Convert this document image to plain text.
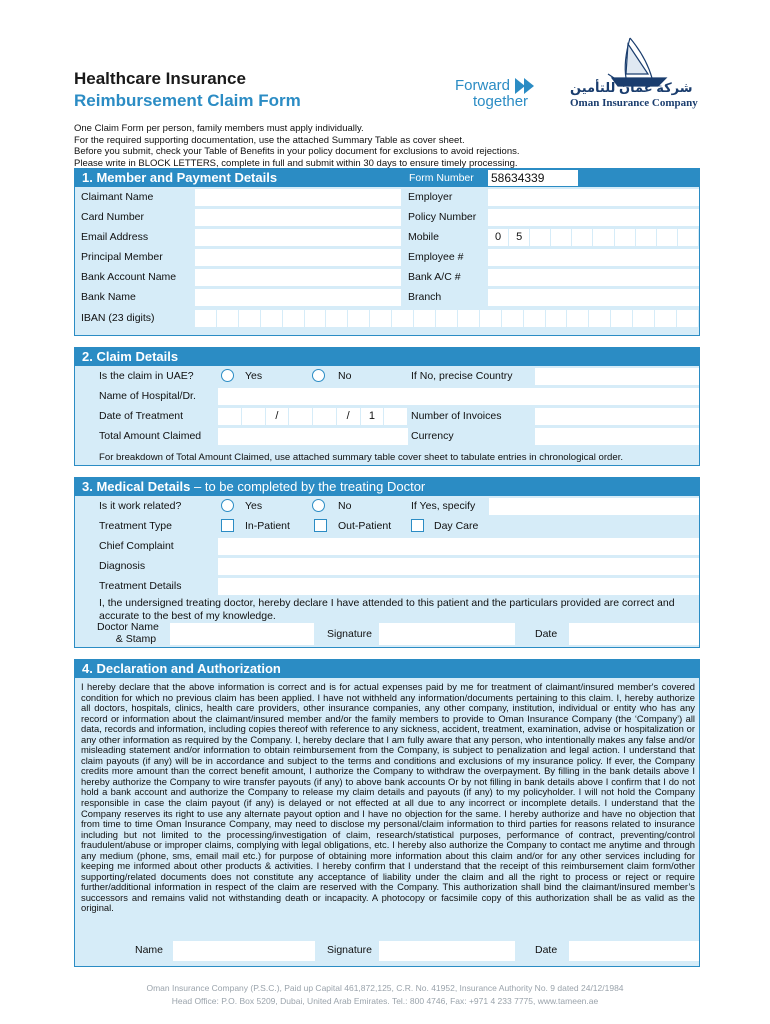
Healthcare Insurance
Reimbursement Claim Form
Forward
together
شركة عُمان للتأمين
Oman Insurance Company
One Claim Form per person, family members must apply individually.
For the required supporting documentation, use the attached Summary Table as cover sheet.
Before you submit, check your Table of Benefits in your policy document for exclusions to avoid rejections.
Please write in BLOCK LETTERS, complete in full and submit within 30 days to ensure timely processing.
1. Member and Payment Details	Form Number 58634339
Claimant Name	Employer
Card Number	Policy Number
Email Address	Mobile	0	5
Principal Member	Employee #
Bank Account Name	Bank A/C #
Bank Name	Branch
IBAN (23 digits)
2. Claim Details
Is the claim in UAE?	Yes	No	If No, precise Country
Name of Hospital/Dr.
Date of Treatment	/	/	1	Number of Invoices
Total Amount Claimed	Currency
For breakdown of Total Amount Claimed, use attached summary table cover sheet to tabulate entries in chronological order.
3. Medical Details – to be completed by the treating Doctor
Is it work related?	Yes	No	If Yes, specify
Treatment Type	In-Patient	Out-Patient	Day Care
Chief Complaint
Diagnosis
Treatment Details
I, the undersigned treating doctor, hereby declare I have attended to this patient and the particulars provided are correct and accurate to the best of my knowledge.
Doctor Name
& Stamp	Signature	Date
4. Declaration and Authorization
I hereby declare that the above information is correct and is for actual expenses paid by me for treatment of claimant/insured member's covered condition for which no previous claim has been applied. I have not withheld any information/documents pertaining to this claim. I, hereby authorize all doctors, hospitals, clinics, health care providers, other insurance companies, any other company, institution, individual or entity who has any record or information about the claimant/insured member and/or the family members to provide to Oman Insurance Company (the ‘Company’) all data, records and information, including copies thereof with reference to any sickness, accident, treatment, examination, advise or hospitalization or any other information as required by the Company. I, hereby declare that I am fully aware that any person, who intentionally makes any false and/or misleading statement and/or information to obtain reimbursement from the Company, is subject to penalization and legal action. I understand that claim payouts (if any) will be in accordance and subject to the terms and conditions and exclusions of my insurance policy. If ever, the Company credits more amount than the correct benefit amount, I authorize the Company to withdraw the overpayment. By filling in the bank details above I hereby authorize the Company to wire transfer payouts (if any) to above bank accounts Or by not filling in bank details above I confirm that I do not hold a bank account and authorize the Company to release my claim details and payouts (if any) to my policyholder. I will not hold the Company responsible in case the claim payout (if any) is delayed or not effected at all due to any incorrect or incomplete details. I understand that the Company reserves its right to use any alternate payout option and I have no objection for the same. I hereby authorize and have no objection that from time to time Oman Insurance Company, may need to disclose my personal/claim information to third parties for reasons related to insurance including but not limited to the processing/investigation of claim, research/statistical purposes, performance of contract, preventing/control fraudulent/abuse or improper claims, complying with legal obligations, etc. I hereby also authorize the Company to contact me anytime and through any medium (phone, sms, email mail etc.) for purpose of obtaining more information about this claim and/or for any other services including for keeping me informed about other products & activities. I hereby confirm that I understand that the receipt of this reimbursement claim form/other supporting/related documents does not constitute any acceptance of liability under the claim and all the right to process or reject or require further/additional information in respect of the claim are reserved with the Company. This authorization shall bind the claimant/insured member’s successors and remains valid not withstanding death or incapacity. A photocopy or facsimile copy of this authorization shall be as valid as the original.
Name	Signature	Date
Oman Insurance Company (P.S.C.), Paid up Capital 461,872,125, C.R. No. 41952, Insurance Authority No. 9 dated 24/12/1984
Head Office: P.O. Box 5209, Dubai, United Arab Emirates. Tel.: 800 4746, Fax: +971 4 233 7775, www.tameen.ae
